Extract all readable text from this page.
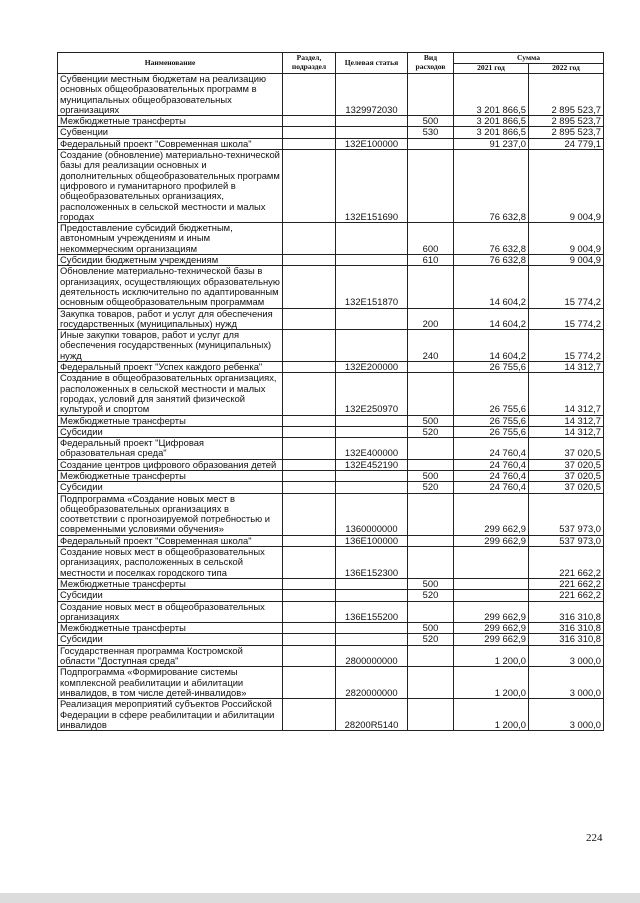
Наименование	Раздел, подраздел	Целевая статья	Вид расходов	Сумма	
				2021 год	2022 год
Субвенции местным бюджетам на реализацию основных общеобразовательных программ в муниципальных общеобразовательных организациях		1329972030		3 201 866,5	2 895 523,7
Межбюджетные трансферты			500	3 201 866,5	2 895 523,7
Субвенции			530	3 201 866,5	2 895 523,7
Федеральный проект "Современная школа"		132E100000		91 237,0	24 779,1
Создание (обновление) материально-технической базы для реализации основных и дополнительных общеобразовательных программ цифрового и гуманитарного профилей в общеобразовательных организациях, расположенных в сельской местности и малых городах		132E151690		76 632,8	9 004,9
Предоставление субсидий бюджетным, автономным учреждениям и иным некоммерческим организациям			600	76 632,8	9 004,9
Субсидии бюджетным учреждениям			610	76 632,8	9 004,9
Обновление материально-технической базы в организациях, осуществляющих образовательную деятельность исключительно по адаптированным основным общеобразовательным программам		132E151870		14 604,2	15 774,2
Закупка товаров, работ и услуг для обеспечения государственных (муниципальных) нужд			200	14 604,2	15 774,2
Иные закупки товаров, работ и услуг для обеспечения государственных (муниципальных) нужд			240	14 604,2	15 774,2
Федеральный проект "Успех каждого ребенка"		132E200000		26 755,6	14 312,7
Создание в общеобразовательных организациях, расположенных в сельской местности и малых городах, условий для занятий физической культурой и спортом		132E250970		26 755,6	14 312,7
Межбюджетные трансферты			500	26 755,6	14 312,7
Субсидии			520	26 755,6	14 312,7
Федеральный проект "Цифровая образовательная среда"		132E400000		24 760,4	37 020,5
Создание центров цифрового образования детей		132E452190		24 760,4	37 020,5
Межбюджетные трансферты			500	24 760,4	37 020,5
Субсидии			520	24 760,4	37 020,5
Подпрограмма «Создание новых мест в общеобразовательных организациях в соответствии с прогнозируемой потребностью и современными условиями обучения»		1360000000		299 662,9	537 973,0
Федеральный проект "Современная школа"		136E100000		299 662,9	537 973,0
Создание новых мест в общеобразовательных организациях, расположенных в сельской местности и поселках городского типа		136E152300			221 662,2
Межбюджетные трансферты			500		221 662,2
Субсидии			520		221 662,2
Создание новых мест в общеобразовательных организациях		136E155200		299 662,9	316 310,8
Межбюджетные трансферты			500	299 662,9	316 310,8
Субсидии			520	299 662,9	316 310,8
Государственная программа Костромской области "Доступная среда"		2800000000		1 200,0	3 000,0
Подпрограмма «Формирование системы комплексной реабилитации и абилитации инвалидов, в том числе детей-инвалидов»		2820000000		1 200,0	3 000,0
Реализация мероприятий субъектов Российской Федерации в сфере реабилитации и абилитации инвалидов		28200R5140		1 200,0	3 000,0
224
